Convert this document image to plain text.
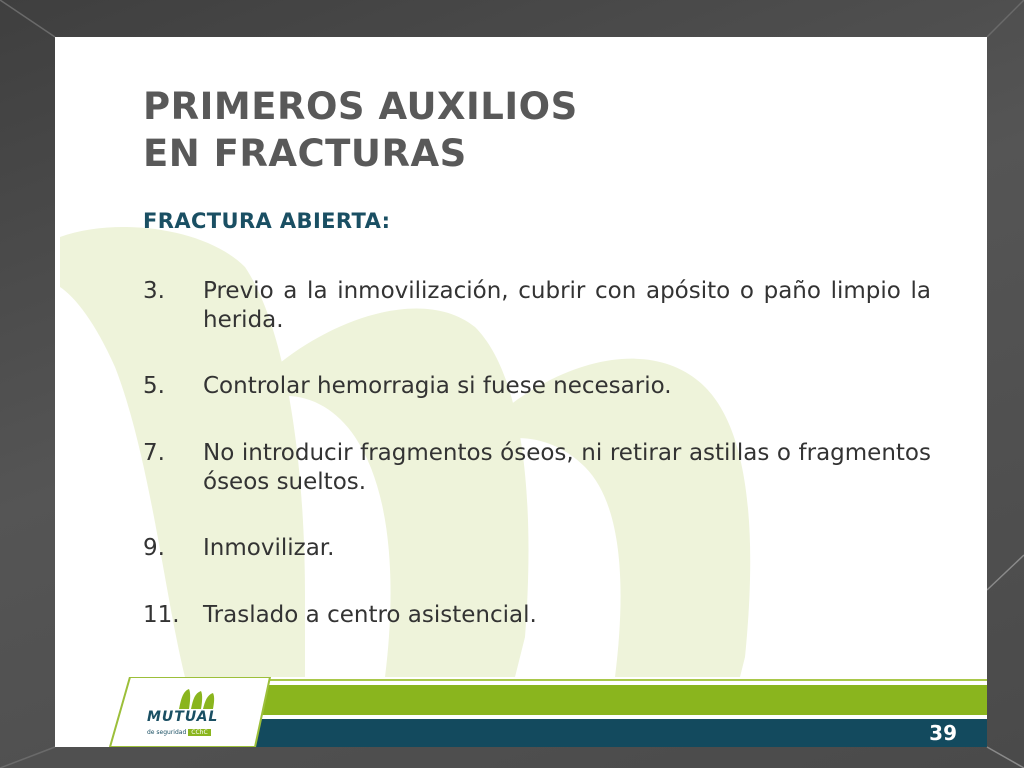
PRIMEROS AUXILIOS
EN FRACTURAS
FRACTURA ABIERTA:
3.	Previo a la inmovilización, cubrir con apósito o paño limpio la herida.
5.	Controlar hemorragia si fuese necesario.
7.	No introducir fragmentos óseos, ni retirar astillas o fragmentos óseos sueltos.
9.	Inmovilizar.
11.	Traslado a centro asistencial.
MUTUAL
de seguridad CChC	39
